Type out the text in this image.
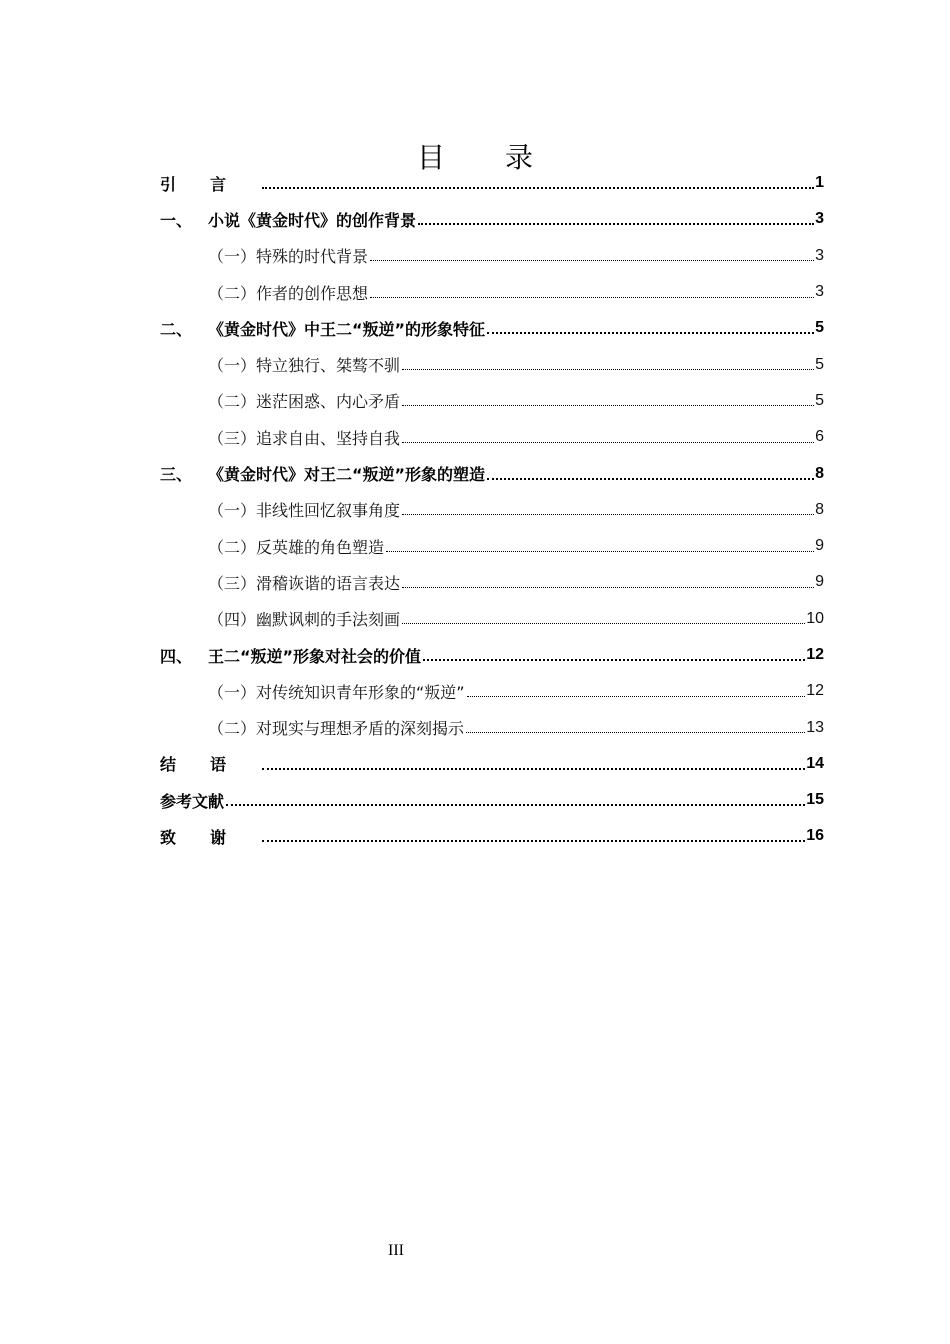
目 录
引言	1
一、 小说《黄金时代》的创作背景	3
（一）特殊的时代背景	3
（二）作者的创作思想	3
二、 《黄金时代》中王二“叛逆”的形象特征	5
（一）特立独行、桀骜不驯	5
（二）迷茫困惑、内心矛盾	5
（三）追求自由、坚持自我	6
三、 《黄金时代》对王二“叛逆”形象的塑造	8
（一）非线性回忆叙事角度	8
（二）反英雄的角色塑造	9
（三）滑稽诙谐的语言表达	9
（四）幽默讽刺的手法刻画	10
四、 王二“叛逆”形象对社会的价值	12
（一）对传统知识青年形象的“叛逆”	12
（二）对现实与理想矛盾的深刻揭示	13
结语	14
参考文献	15
致谢	16
III
